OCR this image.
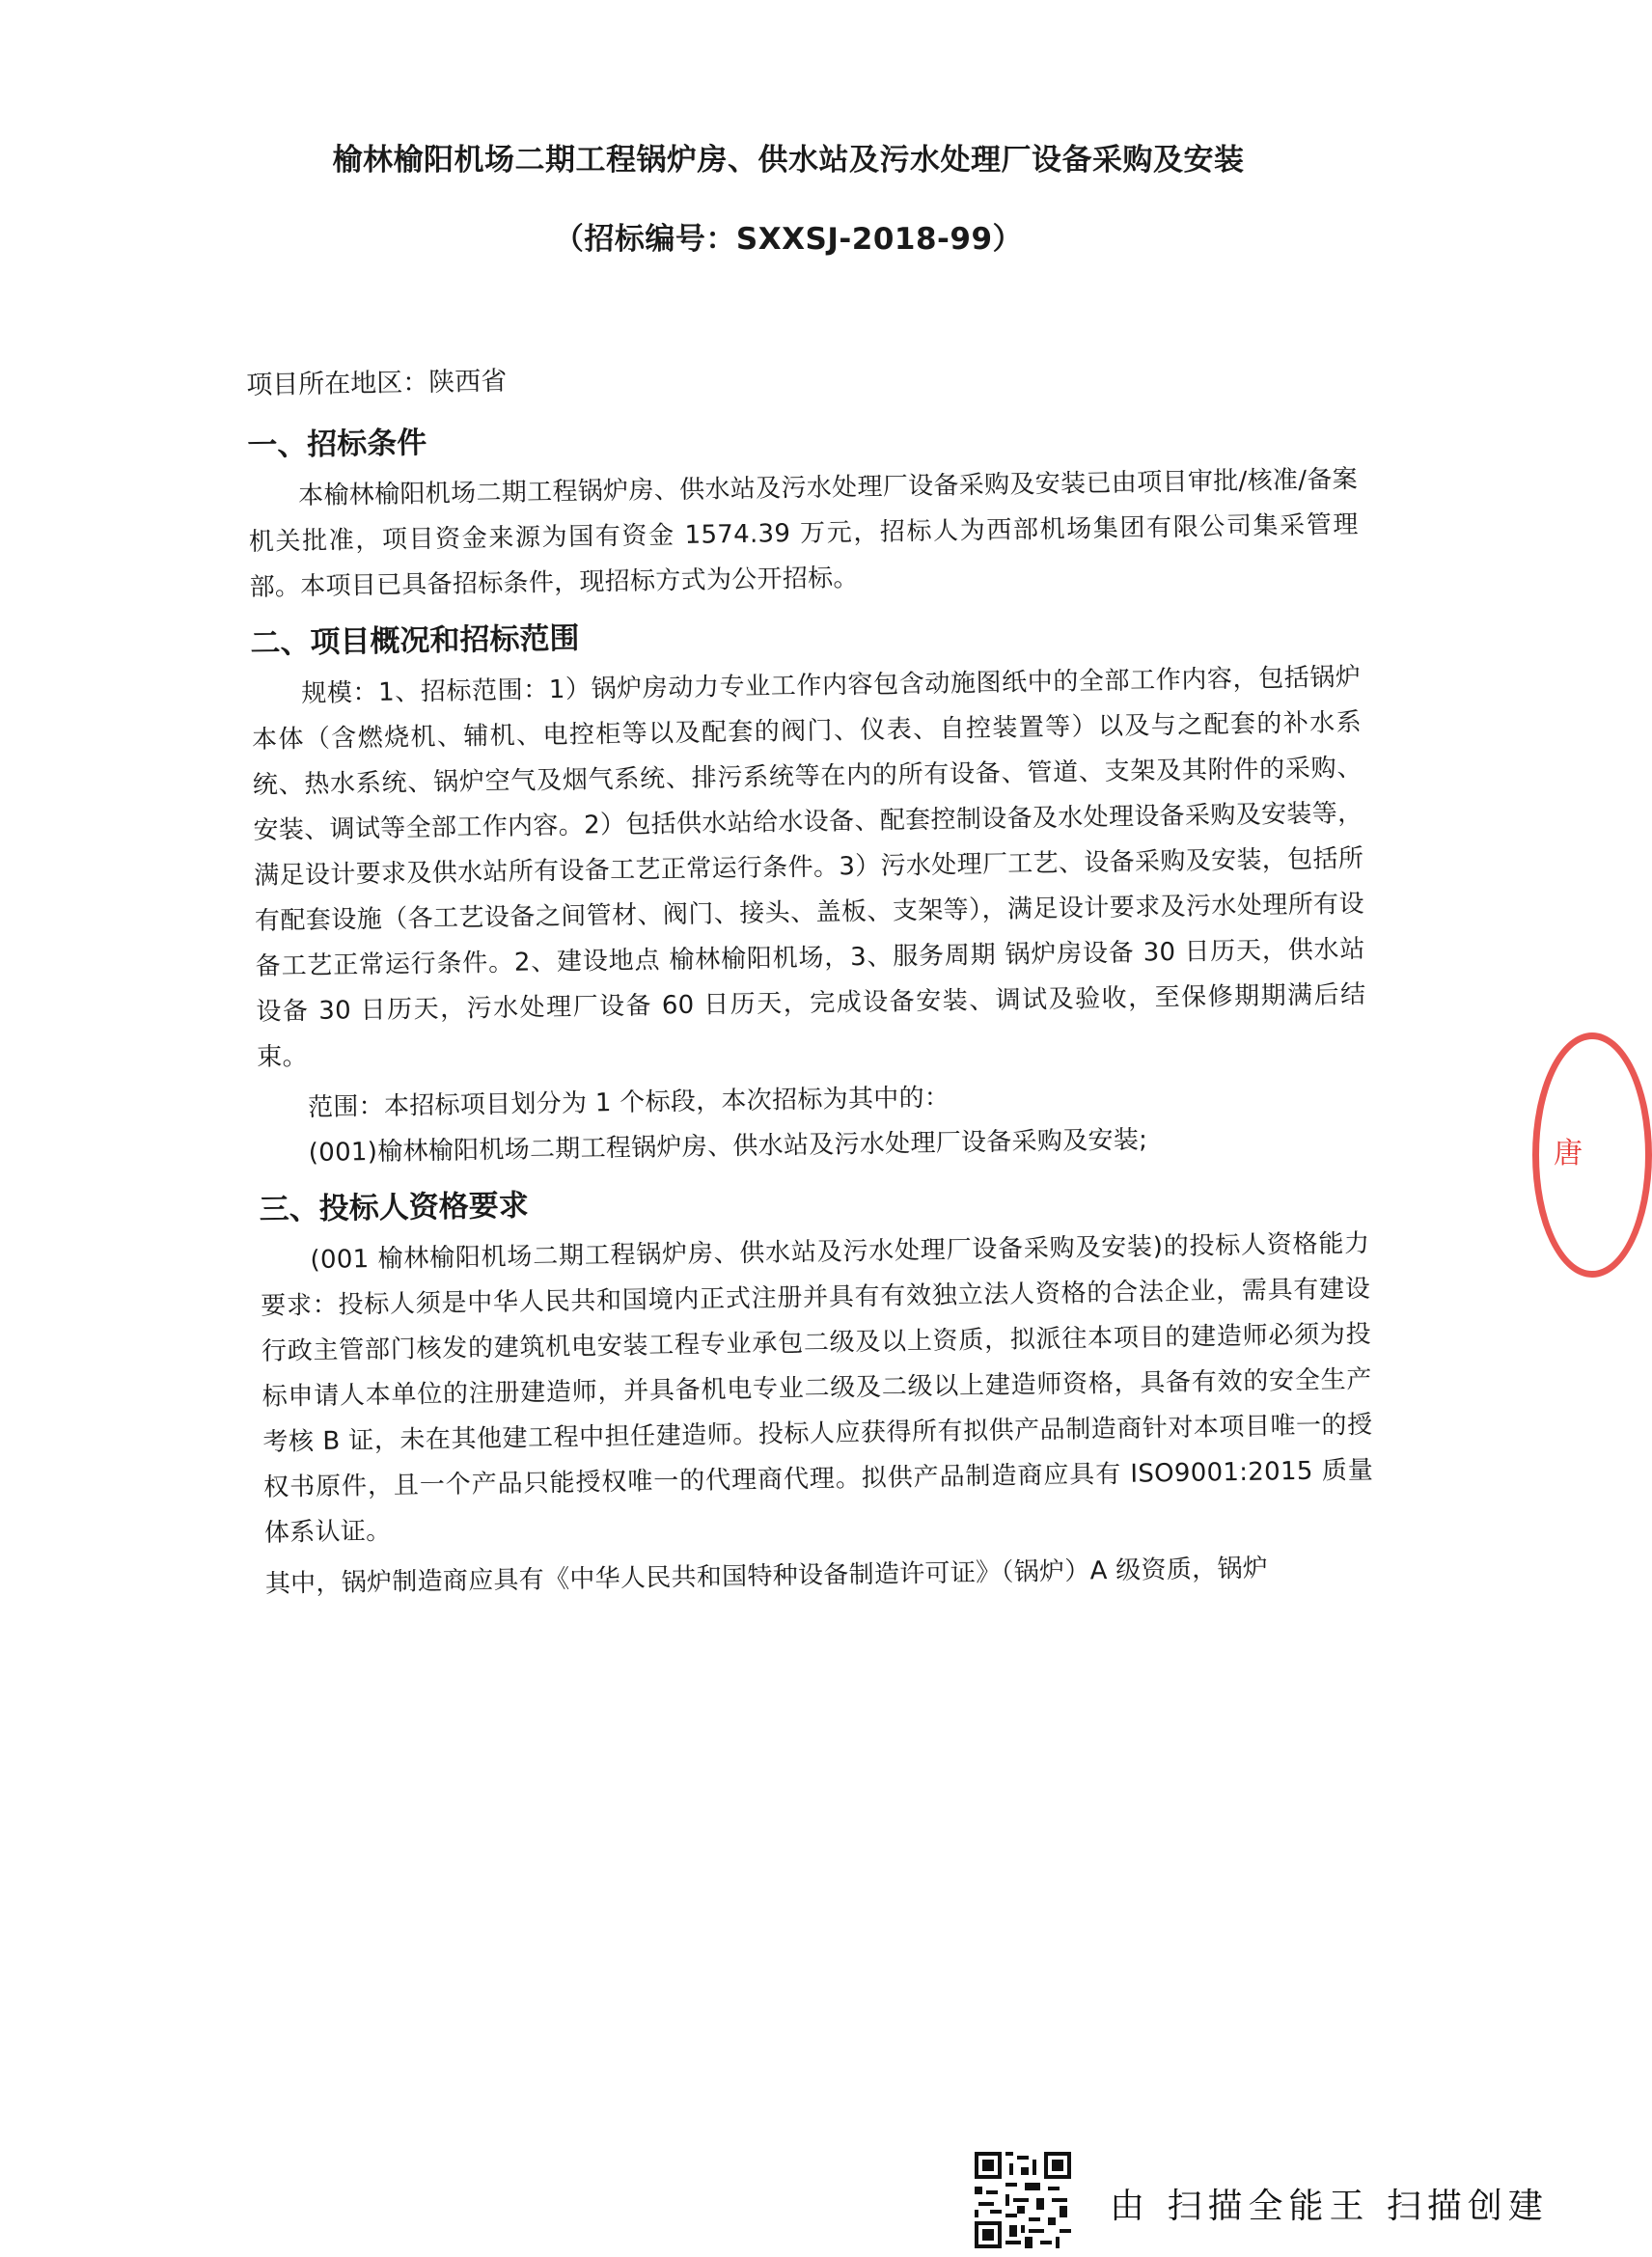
榆林榆阳机场二期工程锅炉房、供水站及污水处理厂设备采购及安装
（招标编号：SXXSJ-2018-99）

项目所在地区：陕西省

一、招标条件

本榆林榆阳机场二期工程锅炉房、供水站及污水处理厂设备采购及安装已由项目审批/核准/备案机关批准，项目资金来源为国有资金 1574.39 万元，招标人为西部机场集团有限公司集采管理部。本项目已具备招标条件，现招标方式为公开招标。

二、项目概况和招标范围

规模：1、招标范围：1）锅炉房动力专业工作内容包含动施图纸中的全部工作内容，包括锅炉本体（含燃烧机、辅机、电控柜等以及配套的阀门、仪表、自控装置等）以及与之配套的补水系统、热水系统、锅炉空气及烟气系统、排污系统等在内的所有设备、管道、支架及其附件的采购、安装、调试等全部工作内容。2）包括供水站给水设备、配套控制设备及水处理设备采购及安装等，满足设计要求及供水站所有设备工艺正常运行条件。3）污水处理厂工艺、设备采购及安装，包括所有配套设施（各工艺设备之间管材、阀门、接头、盖板、支架等），满足设计要求及污水处理所有设备工艺正常运行条件。2、建设地点 榆林榆阳机场，3、服务周期 锅炉房设备 30 日历天，供水站设备 30 日历天，污水处理厂设备 60 日历天，完成设备安装、调试及验收，至保修期期满后结束。

范围：本招标项目划分为 1 个标段，本次招标为其中的：

(001)榆林榆阳机场二期工程锅炉房、供水站及污水处理厂设备采购及安装;

三、投标人资格要求

(001 榆林榆阳机场二期工程锅炉房、供水站及污水处理厂设备采购及安装)的投标人资格能力要求：投标人须是中华人民共和国境内正式注册并具有有效独立法人资格的合法企业，需具有建设行政主管部门核发的建筑机电安装工程专业承包二级及以上资质，拟派往本项目的建造师必须为投标申请人本单位的注册建造师，并具备机电专业二级及二级以上建造师资格，具备有效的安全生产考核 B 证，未在其他建工程中担任建造师。投标人应获得所有拟供产品制造商针对本项目唯一的授权书原件，且一个产品只能授权唯一的代理商代理。拟供产品制造商应具有 ISO9001:2015 质量体系认证。

其中，锅炉制造商应具有《中华人民共和国特种设备制造许可证》（锅炉）A 级资质，锅炉

唐
由 扫描全能王 扫描创建
